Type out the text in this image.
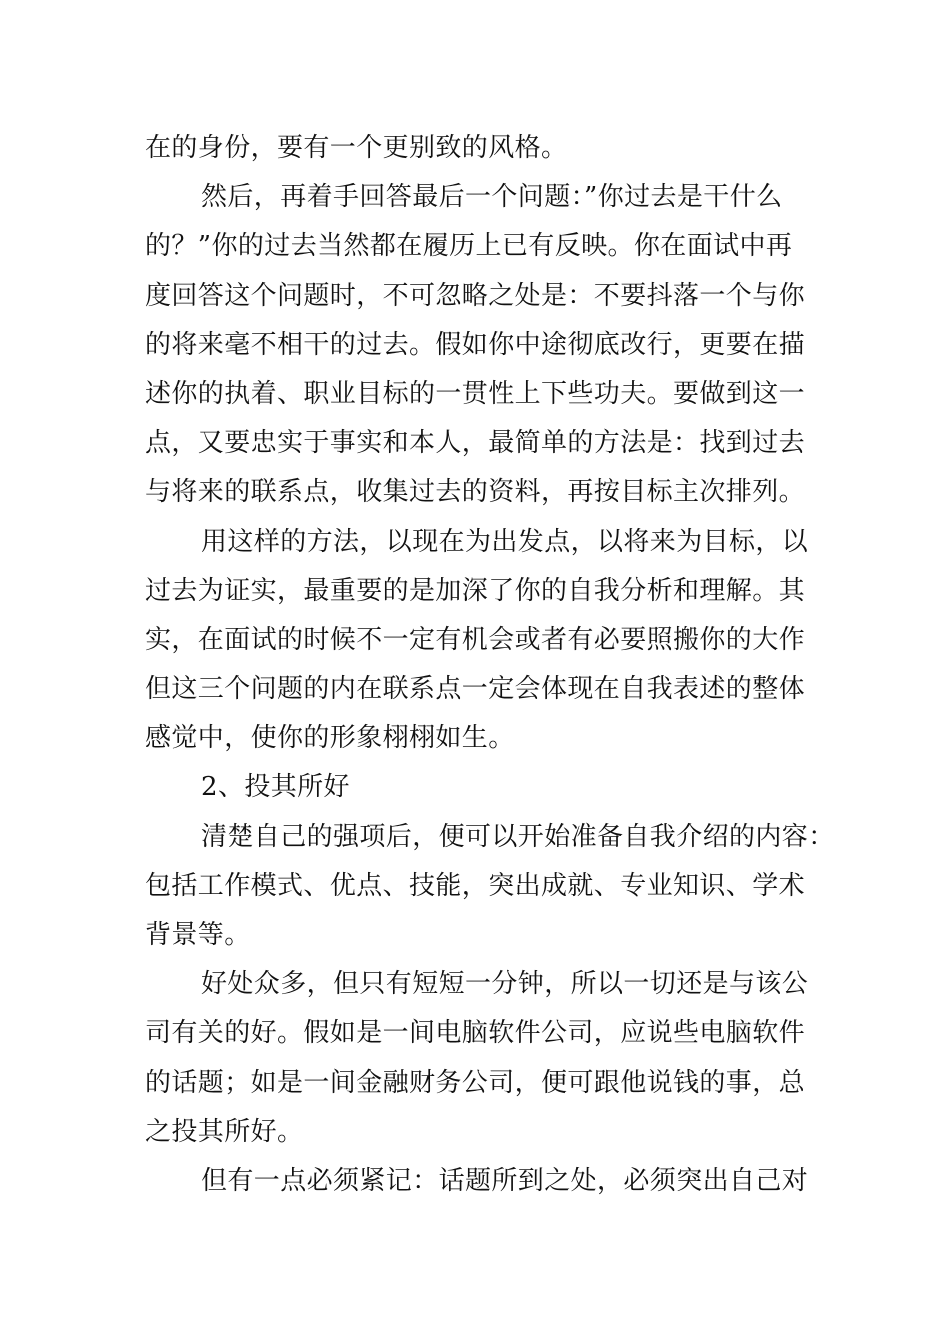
在的身份，要有一个更别致的风格。
然后，再着手回答最后一个问题：”你过去是干什么
的？”你的过去当然都在履历上已有反映。你在面试中再
度回答这个问题时，不可忽略之处是：不要抖落一个与你
的将来毫不相干的过去。假如你中途彻底改行，更要在描
述你的执着、职业目标的一贯性上下些功夫。要做到这一
点，又要忠实于事实和本人，最简单的方法是：找到过去
与将来的联系点，收集过去的资料，再按目标主次排列。
用这样的方法，以现在为出发点，以将来为目标，以
过去为证实，最重要的是加深了你的自我分析和理解。其
实，在面试的时候不一定有机会或者有必要照搬你的大作
但这三个问题的内在联系点一定会体现在自我表述的整体
感觉中，使你的形象栩栩如生。
2、投其所好
清楚自己的强项后，便可以开始准备自我介绍的内容：
包括工作模式、优点、技能，突出成就、专业知识、学术
背景等。
好处众多，但只有短短一分钟，所以一切还是与该公
司有关的好。假如是一间电脑软件公司，应说些电脑软件
的话题；如是一间金融财务公司，便可跟他说钱的事，总
之投其所好。
但有一点必须紧记：话题所到之处，必须突出自己对
